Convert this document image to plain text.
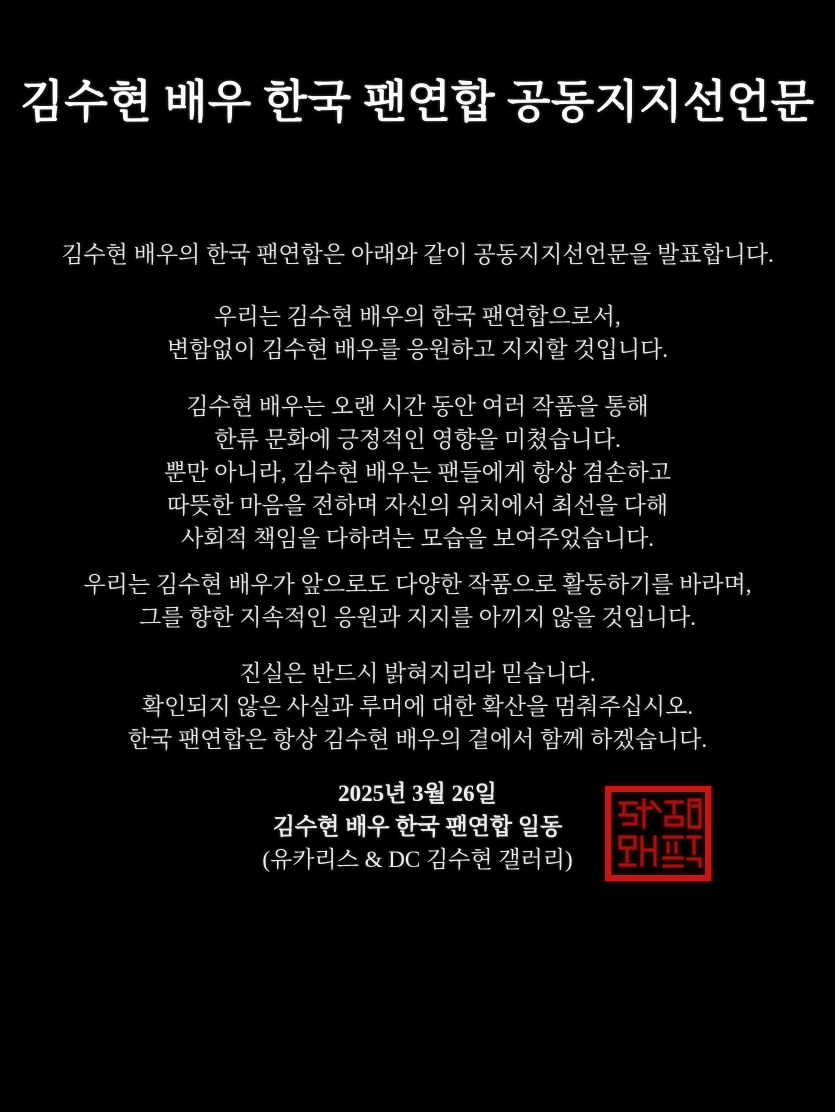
김수현 배우 한국 팬연합 공동지지선언문
김수현 배우의 한국 팬연합은 아래와 같이 공동지지선언문을 발표합니다.
우리는 김수현 배우의 한국 팬연합으로서,
변함없이 김수현 배우를 응원하고 지지할 것입니다.
김수현 배우는 오랜 시간 동안 여러 작품을 통해
한류 문화에 긍정적인 영향을 미쳤습니다.
뿐만 아니라, 김수현 배우는 팬들에게 항상 겸손하고
따뜻한 마음을 전하며 자신의 위치에서 최선을 다해
사회적 책임을 다하려는 모습을 보여주었습니다.
우리는 김수현 배우가 앞으로도 다양한 작품으로 활동하기를 바라며,
그를 향한 지속적인 응원과 지지를 아끼지 않을 것입니다.
진실은 반드시 밝혀지리라 믿습니다.
확인되지 않은 사실과 루머에 대한 확산을 멈춰주십시오.
한국 팬연합은 항상 김수현 배우의 곁에서 함께 하겠습니다.
2025년 3월 26일
김수현 배우 한국 팬연합 일동
(유카리스 & DC 김수현 갤러리)
